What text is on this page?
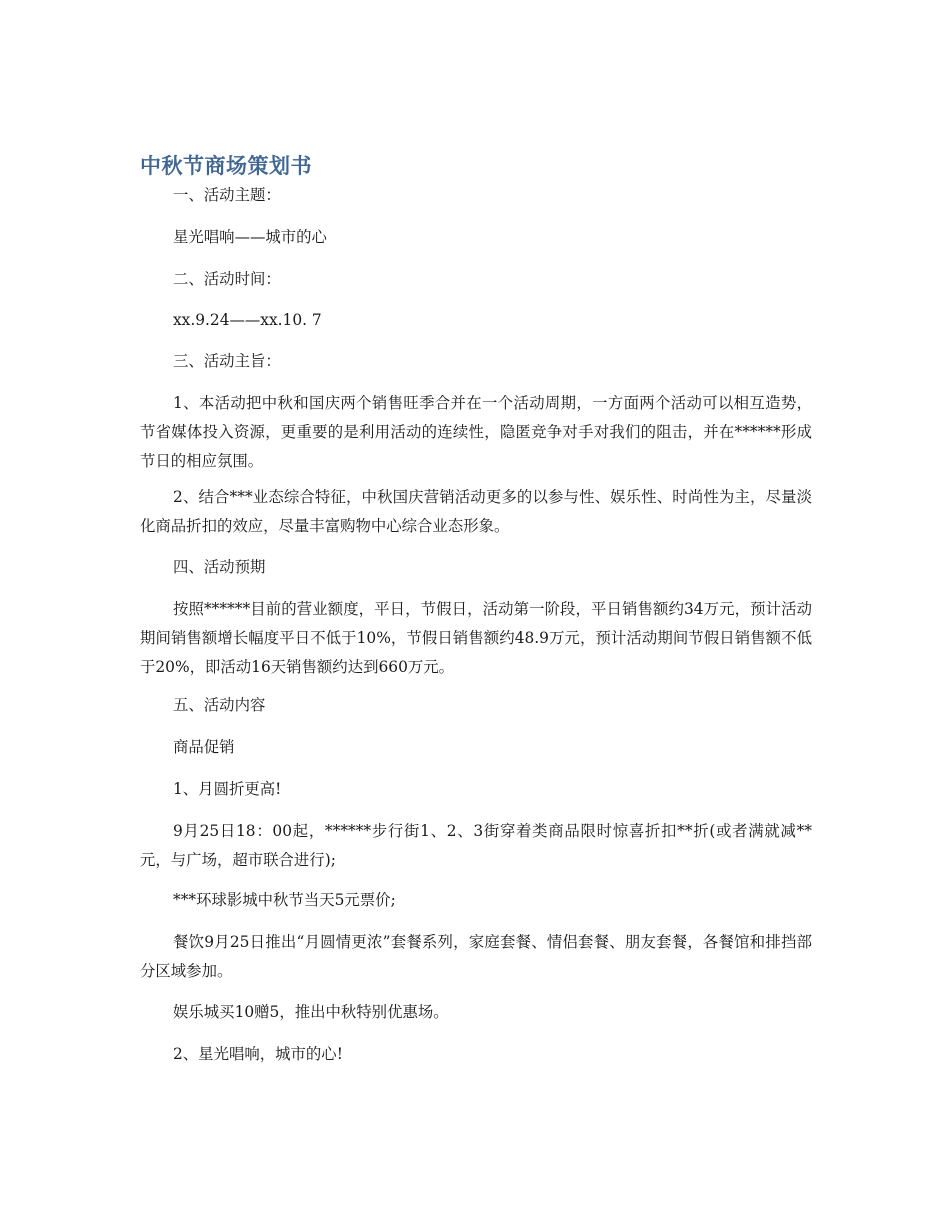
中秋节商场策划书

一、活动主题：

星光唱响——城市的心

二、活动时间：

xx.9.24——xx.10. 7

三、活动主旨：

1、本活动把中秋和国庆两个销售旺季合并在一个活动周期，一方面两个活动可以相互造势，节省媒体投入资源，更重要的是利用活动的连续性，隐匿竞争对手对我们的阻击，并在******形成节日的相应氛围。

2、结合***业态综合特征，中秋国庆营销活动更多的以参与性、娱乐性、时尚性为主，尽量淡化商品折扣的效应，尽量丰富购物中心综合业态形象。

四、活动预期

按照******目前的营业额度，平日，节假日，活动第一阶段，平日销售额约34万元，预计活动期间销售额增长幅度平日不低于10%，节假日销售额约48.9万元，预计活动期间节假日销售额不低于20%，即活动16天销售额约达到660万元。

五、活动内容

商品促销

1、月圆折更高!

9月25日18：00起，******步行街1、2、3街穿着类商品限时惊喜折扣**折(或者满就减**元，与广场，超市联合进行);

***环球影城中秋节当天5元票价;

餐饮9月25日推出“月圆情更浓”套餐系列，家庭套餐、情侣套餐、朋友套餐，各餐馆和排挡部分区域参加。

娱乐城买10赠5，推出中秋特别优惠场。

2、星光唱响，城市的心!
